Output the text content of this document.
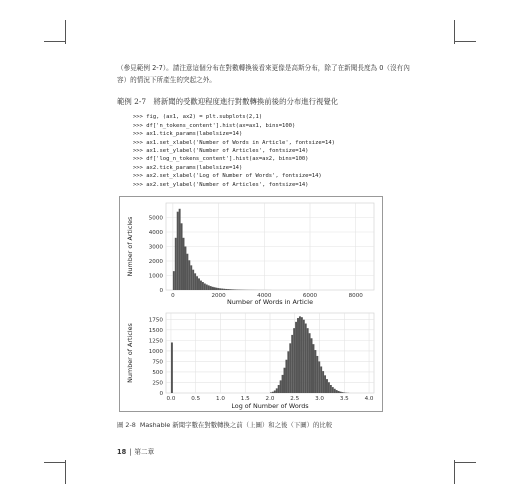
（參見範例 2-7）。請注意這個分布在對數轉換後看來更像是高斯分布，除了在新聞長度為 0（沒有內容）的情況下所產生的突起之外。
範例 2-7　將新聞的受歡迎程度進行對數轉換前後的分布進行視覺化
>>> fig, (ax1, ax2) = plt.subplots(2,1)
>>> df['n_tokens_content'].hist(ax=ax1, bins=100)
>>> ax1.tick_params(labelsize=14)
>>> ax1.set_xlabel('Number of Words in Article', fontsize=14)
>>> ax1.set_ylabel('Number of Articles', fontsize=14)
>>> df['log_n_tokens_content'].hist(ax=ax2, bins=100)
>>> ax2.tick_params(labelsize=14)
>>> ax2.set_xlabel('Log of Number of Words', fontsize=14)
>>> ax2.set_ylabel('Number of Articles', fontsize=14)
0	2000	4000	6000	8000
0
1000
2000
3000
4000
5000
Number of Words in Article
Number of Articles
0.0	0.5	1.0	1.5	2.0	2.5	3.0	3.5	4.0
0
250
500
750
1000
1250
1500
1750
Log of Number of Words
Number of Articles
圖 2-8 Mashable 新聞字數在對數轉換之前（上圖）和之後（下圖）的比較
18 | 第二章
